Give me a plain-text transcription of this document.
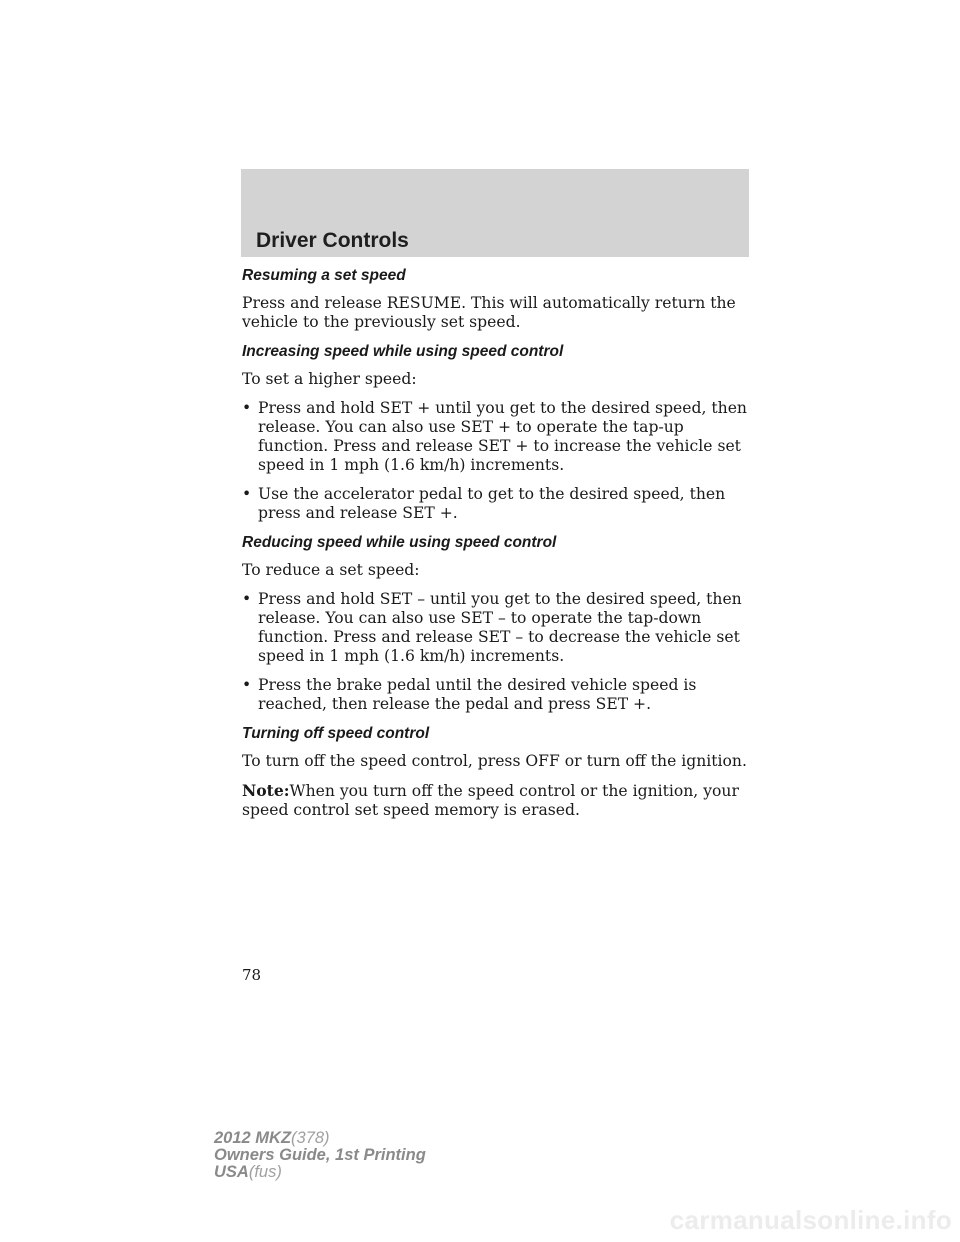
Driver Controls
Resuming a set speed

Press and release RESUME. This will automatically return the vehicle to the previously set speed.

Increasing speed while using speed control

To set a higher speed:

• Press and hold SET + until you get to the desired speed, then release. You can also use SET + to operate the tap-up function. Press and release SET + to increase the vehicle set speed in 1 mph (1.6 km/h) increments.
• Use the accelerator pedal to get to the desired speed, then press and release SET +.
Reducing speed while using speed control

To reduce a set speed:

• Press and hold SET – until you get to the desired speed, then release. You can also use SET – to operate the tap-down function. Press and release SET – to decrease the vehicle set speed in 1 mph (1.6 km/h) increments.
• Press the brake pedal until the desired vehicle speed is reached, then release the pedal and press SET +.
Turning off speed control

To turn off the speed control, press OFF or turn off the ignition.

Note:When you turn off the speed control or the ignition, your speed control set speed memory is erased.

78
2012 MKZ(378)
Owners Guide, 1st Printing
USA(fus)
carmanualsonline.info
